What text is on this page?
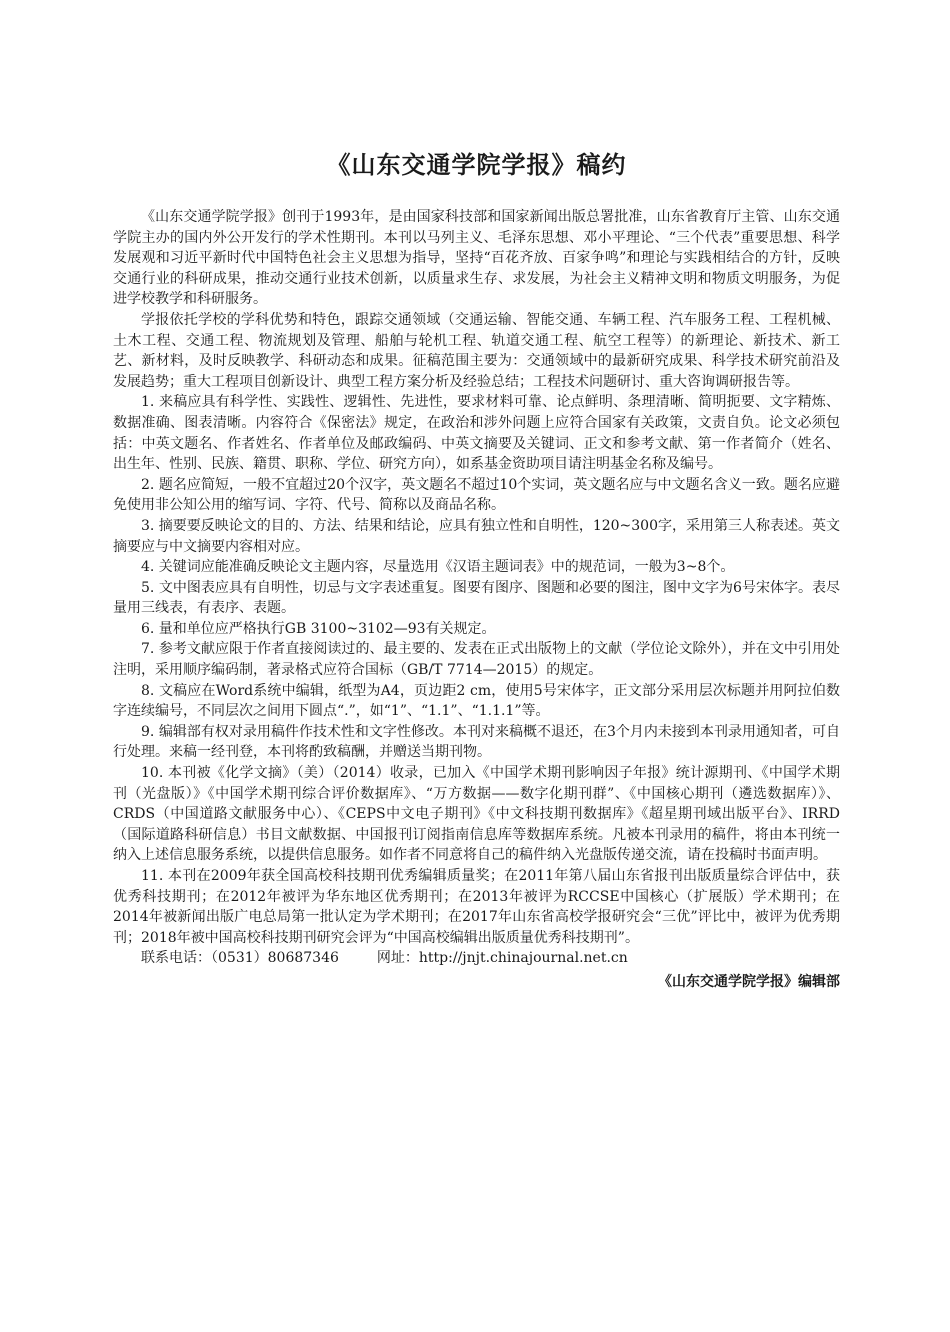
《山东交通学院学报》稿约

《山东交通学院学报》创刊于1993年，是由国家科技部和国家新闻出版总署批准，山东省教育厅主管、山东交通学院主办的国内外公开发行的学术性期刊。本刊以马列主义、毛泽东思想、邓小平理论、“三个代表”重要思想、科学发展观和习近平新时代中国特色社会主义思想为指导，坚持“百花齐放、百家争鸣”和理论与实践相结合的方针，反映交通行业的科研成果，推动交通行业技术创新，以质量求生存、求发展，为社会主义精神文明和物质文明服务，为促进学校教学和科研服务。

学报依托学校的学科优势和特色，跟踪交通领域（交通运输、智能交通、车辆工程、汽车服务工程、工程机械、土木工程、交通工程、物流规划及管理、船舶与轮机工程、轨道交通工程、航空工程等）的新理论、新技术、新工艺、新材料，及时反映教学、科研动态和成果。征稿范围主要为：交通领域中的最新研究成果、科学技术研究前沿及发展趋势；重大工程项目创新设计、典型工程方案分析及经验总结；工程技术问题研讨、重大咨询调研报告等。

1. 来稿应具有科学性、实践性、逻辑性、先进性，要求材料可靠、论点鲜明、条理清晰、简明扼要、文字精炼、数据准确、图表清晰。内容符合《保密法》规定，在政治和涉外问题上应符合国家有关政策，文责自负。论文必须包括：中英文题名、作者姓名、作者单位及邮政编码、中英文摘要及关键词、正文和参考文献、第一作者简介（姓名、出生年、性别、民族、籍贯、职称、学位、研究方向），如系基金资助项目请注明基金名称及编号。

2. 题名应简短，一般不宜超过20个汉字，英文题名不超过10个实词，英文题名应与中文题名含义一致。题名应避免使用非公知公用的缩写词、字符、代号、简称以及商品名称。

3. 摘要要反映论文的目的、方法、结果和结论，应具有独立性和自明性，120~300字，采用第三人称表述。英文摘要应与中文摘要内容相对应。

4. 关键词应能准确反映论文主题内容，尽量选用《汉语主题词表》中的规范词，一般为3~8个。

5. 文中图表应具有自明性，切忌与文字表述重复。图要有图序、图题和必要的图注，图中文字为6号宋体字。表尽量用三线表，有表序、表题。

6. 量和单位应严格执行GB 3100~3102—93有关规定。

7. 参考文献应限于作者直接阅读过的、最主要的、发表在正式出版物上的文献（学位论文除外），并在文中引用处注明，采用顺序编码制，著录格式应符合国标（GB/T 7714—2015）的规定。

8. 文稿应在Word系统中编辑，纸型为A4，页边距2 cm，使用5号宋体字，正文部分采用层次标题并用阿拉伯数字连续编号，不同层次之间用下圆点“.”，如“1”、“1.1”、“1.1.1”等。

9. 编辑部有权对录用稿件作技术性和文字性修改。本刊对来稿概不退还，在3个月内未接到本刊录用通知者，可自行处理。来稿一经刊登，本刊将酌致稿酬，并赠送当期刊物。

10. 本刊被《化学文摘》（美）（2014）收录，已加入《中国学术期刊影响因子年报》统计源期刊、《中国学术期刊（光盘版）》《中国学术期刊综合评价数据库》、“万方数据——数字化期刊群”、《中国核心期刊（遴选数据库）》、CRDS（中国道路文献服务中心）、《CEPS中文电子期刊》《中文科技期刊数据库》《超星期刊域出版平台》、IRRD（国际道路科研信息）书目文献数据、中国报刊订阅指南信息库等数据库系统。凡被本刊录用的稿件，将由本刊统一纳入上述信息服务系统，以提供信息服务。如作者不同意将自己的稿件纳入光盘版传递交流，请在投稿时书面声明。

11. 本刊在2009年获全国高校科技期刊优秀编辑质量奖；在2011年第八届山东省报刊出版质量综合评估中，获优秀科技期刊；在2012年被评为华东地区优秀期刊；在2013年被评为RCCSE中国核心（扩展版）学术期刊；在2014年被新闻出版广电总局第一批认定为学术期刊；在2017年山东省高校学报研究会“三优”评比中，被评为优秀期刊；2018年被中国高校科技期刊研究会评为“中国高校编辑出版质量优秀科技期刊”。

联系电话：（0531）80687346	网址：http://jnjt.chinajournal.net.cn

《山东交通学院学报》编辑部
